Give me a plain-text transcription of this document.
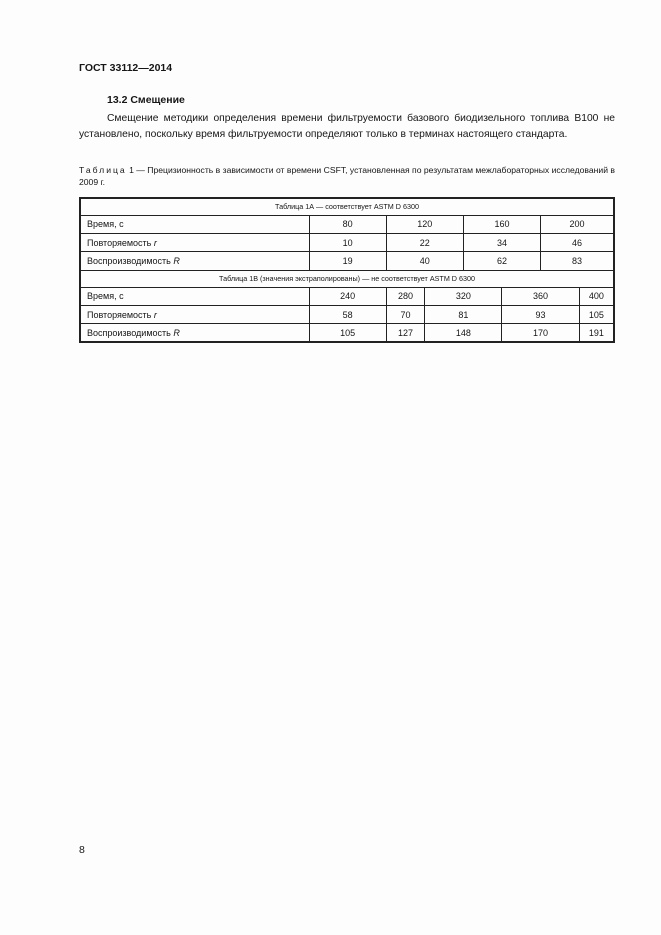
ГОСТ 33112—2014
13.2 Смещение
Смещение методики определения времени фильтруемости базового биодизельного топлива В100 не установлено, поскольку время фильтруемости определяют только в терминах настоящего стандарта.
Таблица 1 — Прецизионность в зависимости от времени CSFT, установленная по результатам межлабораторных исследований в 2009 г.
Таблица 1А — соответствует ASTM D 6300							
Время, с	80	120		160		200	
Повторяемость r	10	22		34		46	
Воспроизводимость R	19	40		62		83	
Таблица 1В (значения экстраполированы) — не соответствует ASTM D 6300							
Время, с	240	280	320		360		400
Повторяемость r	58	70	81		93		105
Воспроизводимость R	105	127	148		170		191
8
